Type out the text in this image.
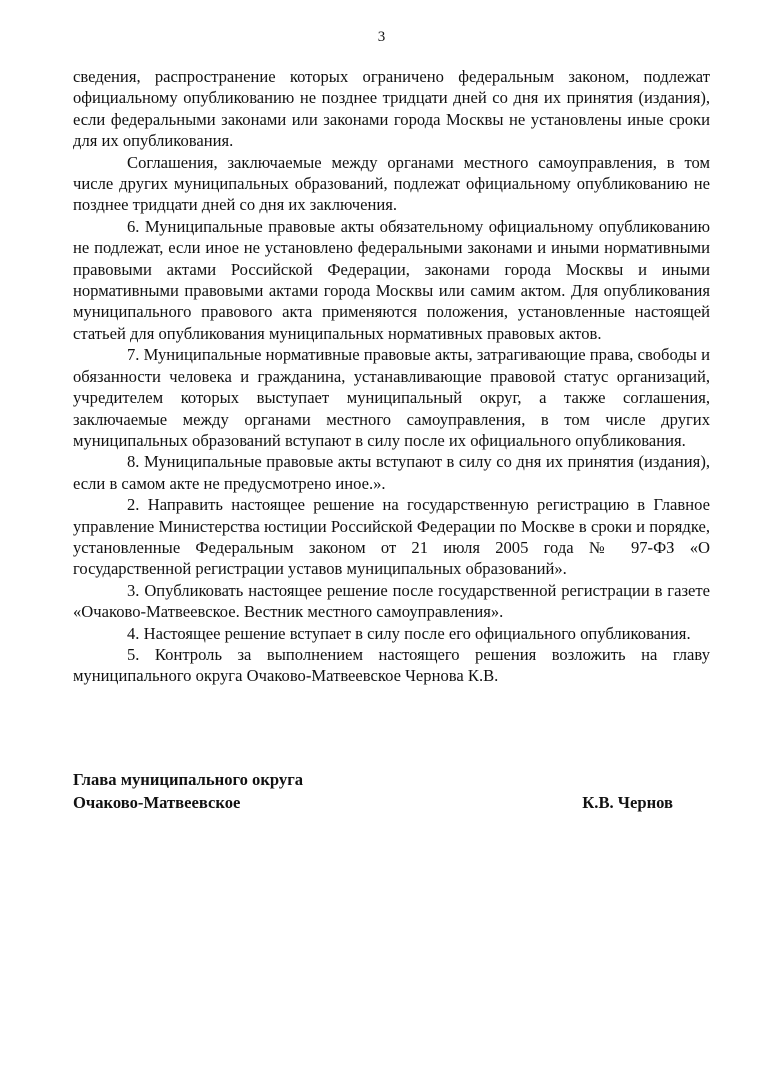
3

сведения, распространение которых ограничено федеральным законом, подлежат официальному опубликованию не позднее тридцати дней со дня их принятия (издания), если федеральными законами или законами города Москвы не установлены иные сроки для их опубликования.

Соглашения, заключаемые между органами местного самоуправления, в том числе других муниципальных образований, подлежат официальному опубликованию не позднее тридцати дней со дня их заключения.

6. Муниципальные правовые акты обязательному официальному опубликованию не подлежат, если иное не установлено федеральными законами и иными нормативными правовыми актами Российской Федерации, законами города Москвы и иными нормативными правовыми актами города Москвы или самим актом. Для опубликования муниципального правового акта применяются положения, установленные настоящей статьей для опубликования муниципальных нормативных правовых актов.

7. Муниципальные нормативные правовые акты, затрагивающие права, свободы и обязанности человека и гражданина, устанавливающие правовой статус организаций, учредителем которых выступает муниципальный округ, а также соглашения, заключаемые между органами местного самоуправления, в том числе других муниципальных образований вступают в силу после их официального опубликования.

8. Муниципальные правовые акты вступают в силу со дня их принятия (издания), если в самом акте не предусмотрено иное.».

2. Направить настоящее решение на государственную регистрацию в Главное управление Министерства юстиции Российской Федерации по Москве в сроки и порядке, установленные Федеральным законом от 21 июля 2005 года № 97-ФЗ «О государственной регистрации уставов муниципальных образований».

3. Опубликовать настоящее решение после государственной регистрации в газете «Очаково-Матвеевское. Вестник местного самоуправления».

4. Настоящее решение вступает в силу после его официального опубликования.

5. Контроль за выполнением настоящего решения возложить на главу муниципального округа Очаково-Матвеевское Чернова К.В.

Глава муниципального округа
Очаково-Матвеевское	К.В. Чернов
